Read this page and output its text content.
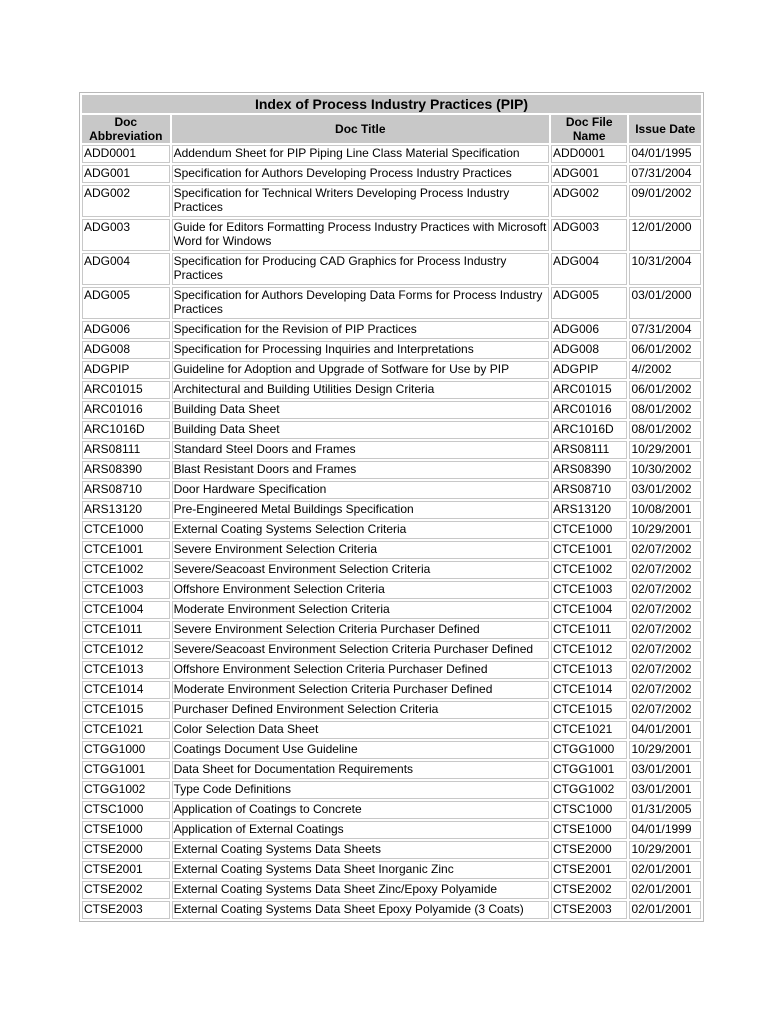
Index of Process Industry Practices (PIP)			
Doc Abbreviation	Doc Title	Doc File Name	Issue Date
ADD0001	Addendum Sheet for PIP Piping Line Class Material Specification	ADD0001	04/01/1995
ADG001	Specification for Authors Developing Process Industry Practices	ADG001	07/31/2004
ADG002	Specification for Technical Writers Developing Process Industry Practices	ADG002	09/01/2002
ADG003	Guide for Editors Formatting Process Industry Practices with Microsoft Word for Windows	ADG003	12/01/2000
ADG004	Specification for Producing CAD Graphics for Process Industry Practices	ADG004	10/31/2004
ADG005	Specification for Authors Developing Data Forms for Process Industry Practices	ADG005	03/01/2000
ADG006	Specification for the Revision of PIP Practices	ADG006	07/31/2004
ADG008	Specification for Processing Inquiries and Interpretations	ADG008	06/01/2002
ADGPIP	Guideline for Adoption and Upgrade of Sotfware for Use by PIP	ADGPIP	4//2002
ARC01015	Architectural and Building Utilities Design Criteria	ARC01015	06/01/2002
ARC01016	Building Data Sheet	ARC01016	08/01/2002
ARC1016D	Building Data Sheet	ARC1016D	08/01/2002
ARS08111	Standard Steel Doors and Frames	ARS08111	10/29/2001
ARS08390	Blast Resistant Doors and Frames	ARS08390	10/30/2002
ARS08710	Door Hardware Specification	ARS08710	03/01/2002
ARS13120	Pre-Engineered Metal Buildings Specification	ARS13120	10/08/2001
CTCE1000	External Coating Systems Selection Criteria	CTCE1000	10/29/2001
CTCE1001	Severe Environment Selection Criteria	CTCE1001	02/07/2002
CTCE1002	Severe/Seacoast Environment Selection Criteria	CTCE1002	02/07/2002
CTCE1003	Offshore Environment Selection Criteria	CTCE1003	02/07/2002
CTCE1004	Moderate Environment Selection Criteria	CTCE1004	02/07/2002
CTCE1011	Severe Environment Selection Criteria Purchaser Defined	CTCE1011	02/07/2002
CTCE1012	Severe/Seacoast Environment Selection Criteria Purchaser Defined	CTCE1012	02/07/2002
CTCE1013	Offshore Environment Selection Criteria Purchaser Defined	CTCE1013	02/07/2002
CTCE1014	Moderate Environment Selection Criteria Purchaser Defined	CTCE1014	02/07/2002
CTCE1015	Purchaser Defined Environment Selection Criteria	CTCE1015	02/07/2002
CTCE1021	Color Selection Data Sheet	CTCE1021	04/01/2001
CTGG1000	Coatings Document Use Guideline	CTGG1000	10/29/2001
CTGG1001	Data Sheet for Documentation Requirements	CTGG1001	03/01/2001
CTGG1002	Type Code Definitions	CTGG1002	03/01/2001
CTSC1000	Application of Coatings to Concrete	CTSC1000	01/31/2005
CTSE1000	Application of External Coatings	CTSE1000	04/01/1999
CTSE2000	External Coating Systems Data Sheets	CTSE2000	10/29/2001
CTSE2001	External Coating Systems Data Sheet Inorganic Zinc	CTSE2001	02/01/2001
CTSE2002	External Coating Systems Data Sheet Zinc/Epoxy Polyamide	CTSE2002	02/01/2001
CTSE2003	External Coating Systems Data Sheet Epoxy Polyamide (3 Coats)	CTSE2003	02/01/2001
